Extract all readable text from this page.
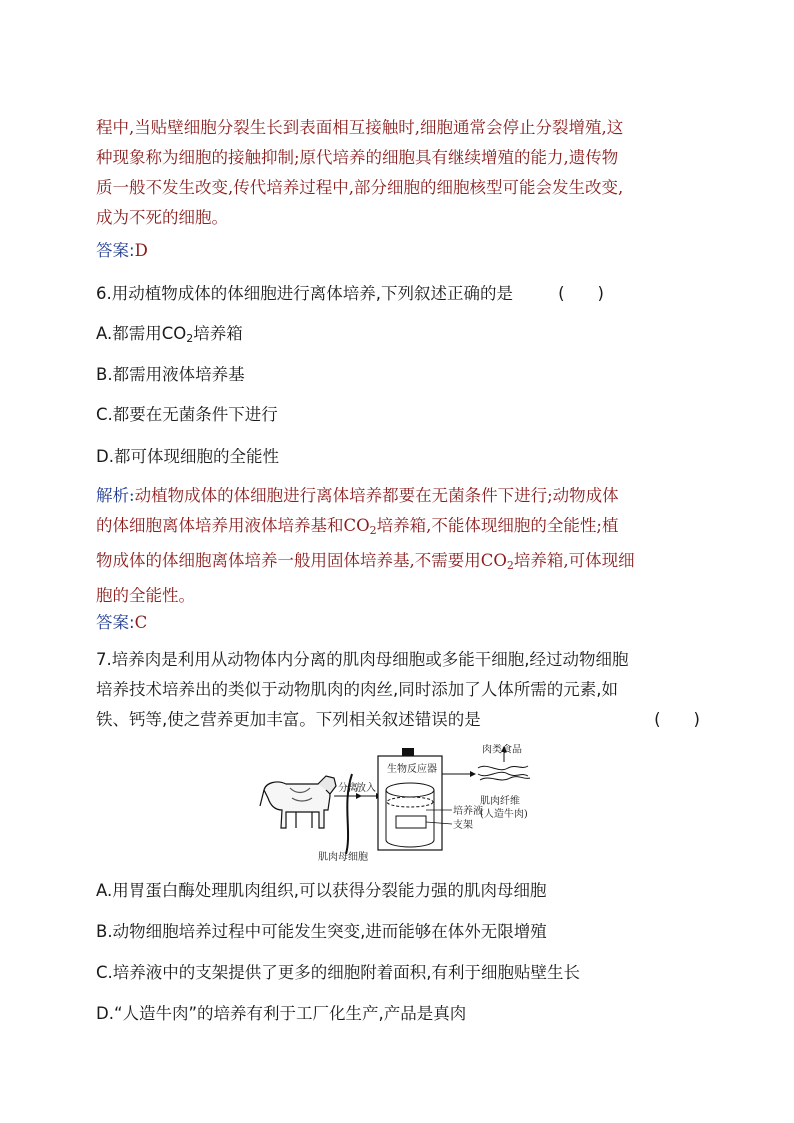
程中,当贴壁细胞分裂生长到表面相互接触时,细胞通常会停止分裂增殖,这
种现象称为细胞的接触抑制;原代培养的细胞具有继续增殖的能力,遗传物
质一般不发生改变,传代培养过程中,部分细胞的细胞核型可能会发生改变,
成为不死的细胞。
答案:D
6.用动植物成体的体细胞进行离体培养,下列叙述正确的是	(　　)
A.都需用$CO_2$培养箱
B.都需用液体培养基
C.都要在无菌条件下进行
D.都可体现细胞的全能性
解析:动植物成体的体细胞进行离体培养都要在无菌条件下进行;动物成体
的体细胞离体培养用液体培养基和$CO_2$培养箱,不能体现细胞的全能性;植
物成体的体细胞离体培养一般用固体培养基,不需要用$CO_2$培养箱,可体现细
胞的全能性。
答案:C
7.培养肉是利用从动物体内分离的肌肉母细胞或多能干细胞,经过动物细胞
培养技术培养出的类似于动物肌肉的肉丝,同时添加了人体所需的元素,如
铁、钙等,使之营养更加丰富。下列相关叙述错误的是	(　　)
分离
放入
生物反应器
培养液
支架
肉类食品
肌肉纤维
(人造牛肉)
肌肉母细胞
A.用胃蛋白酶处理肌肉组织,可以获得分裂能力强的肌肉母细胞
B.动物细胞培养过程中可能发生突变,进而能够在体外无限增殖
C.培养液中的支架提供了更多的细胞附着面积,有利于细胞贴壁生长
D.“人造牛肉”的培养有利于工厂化生产,产品是真肉
